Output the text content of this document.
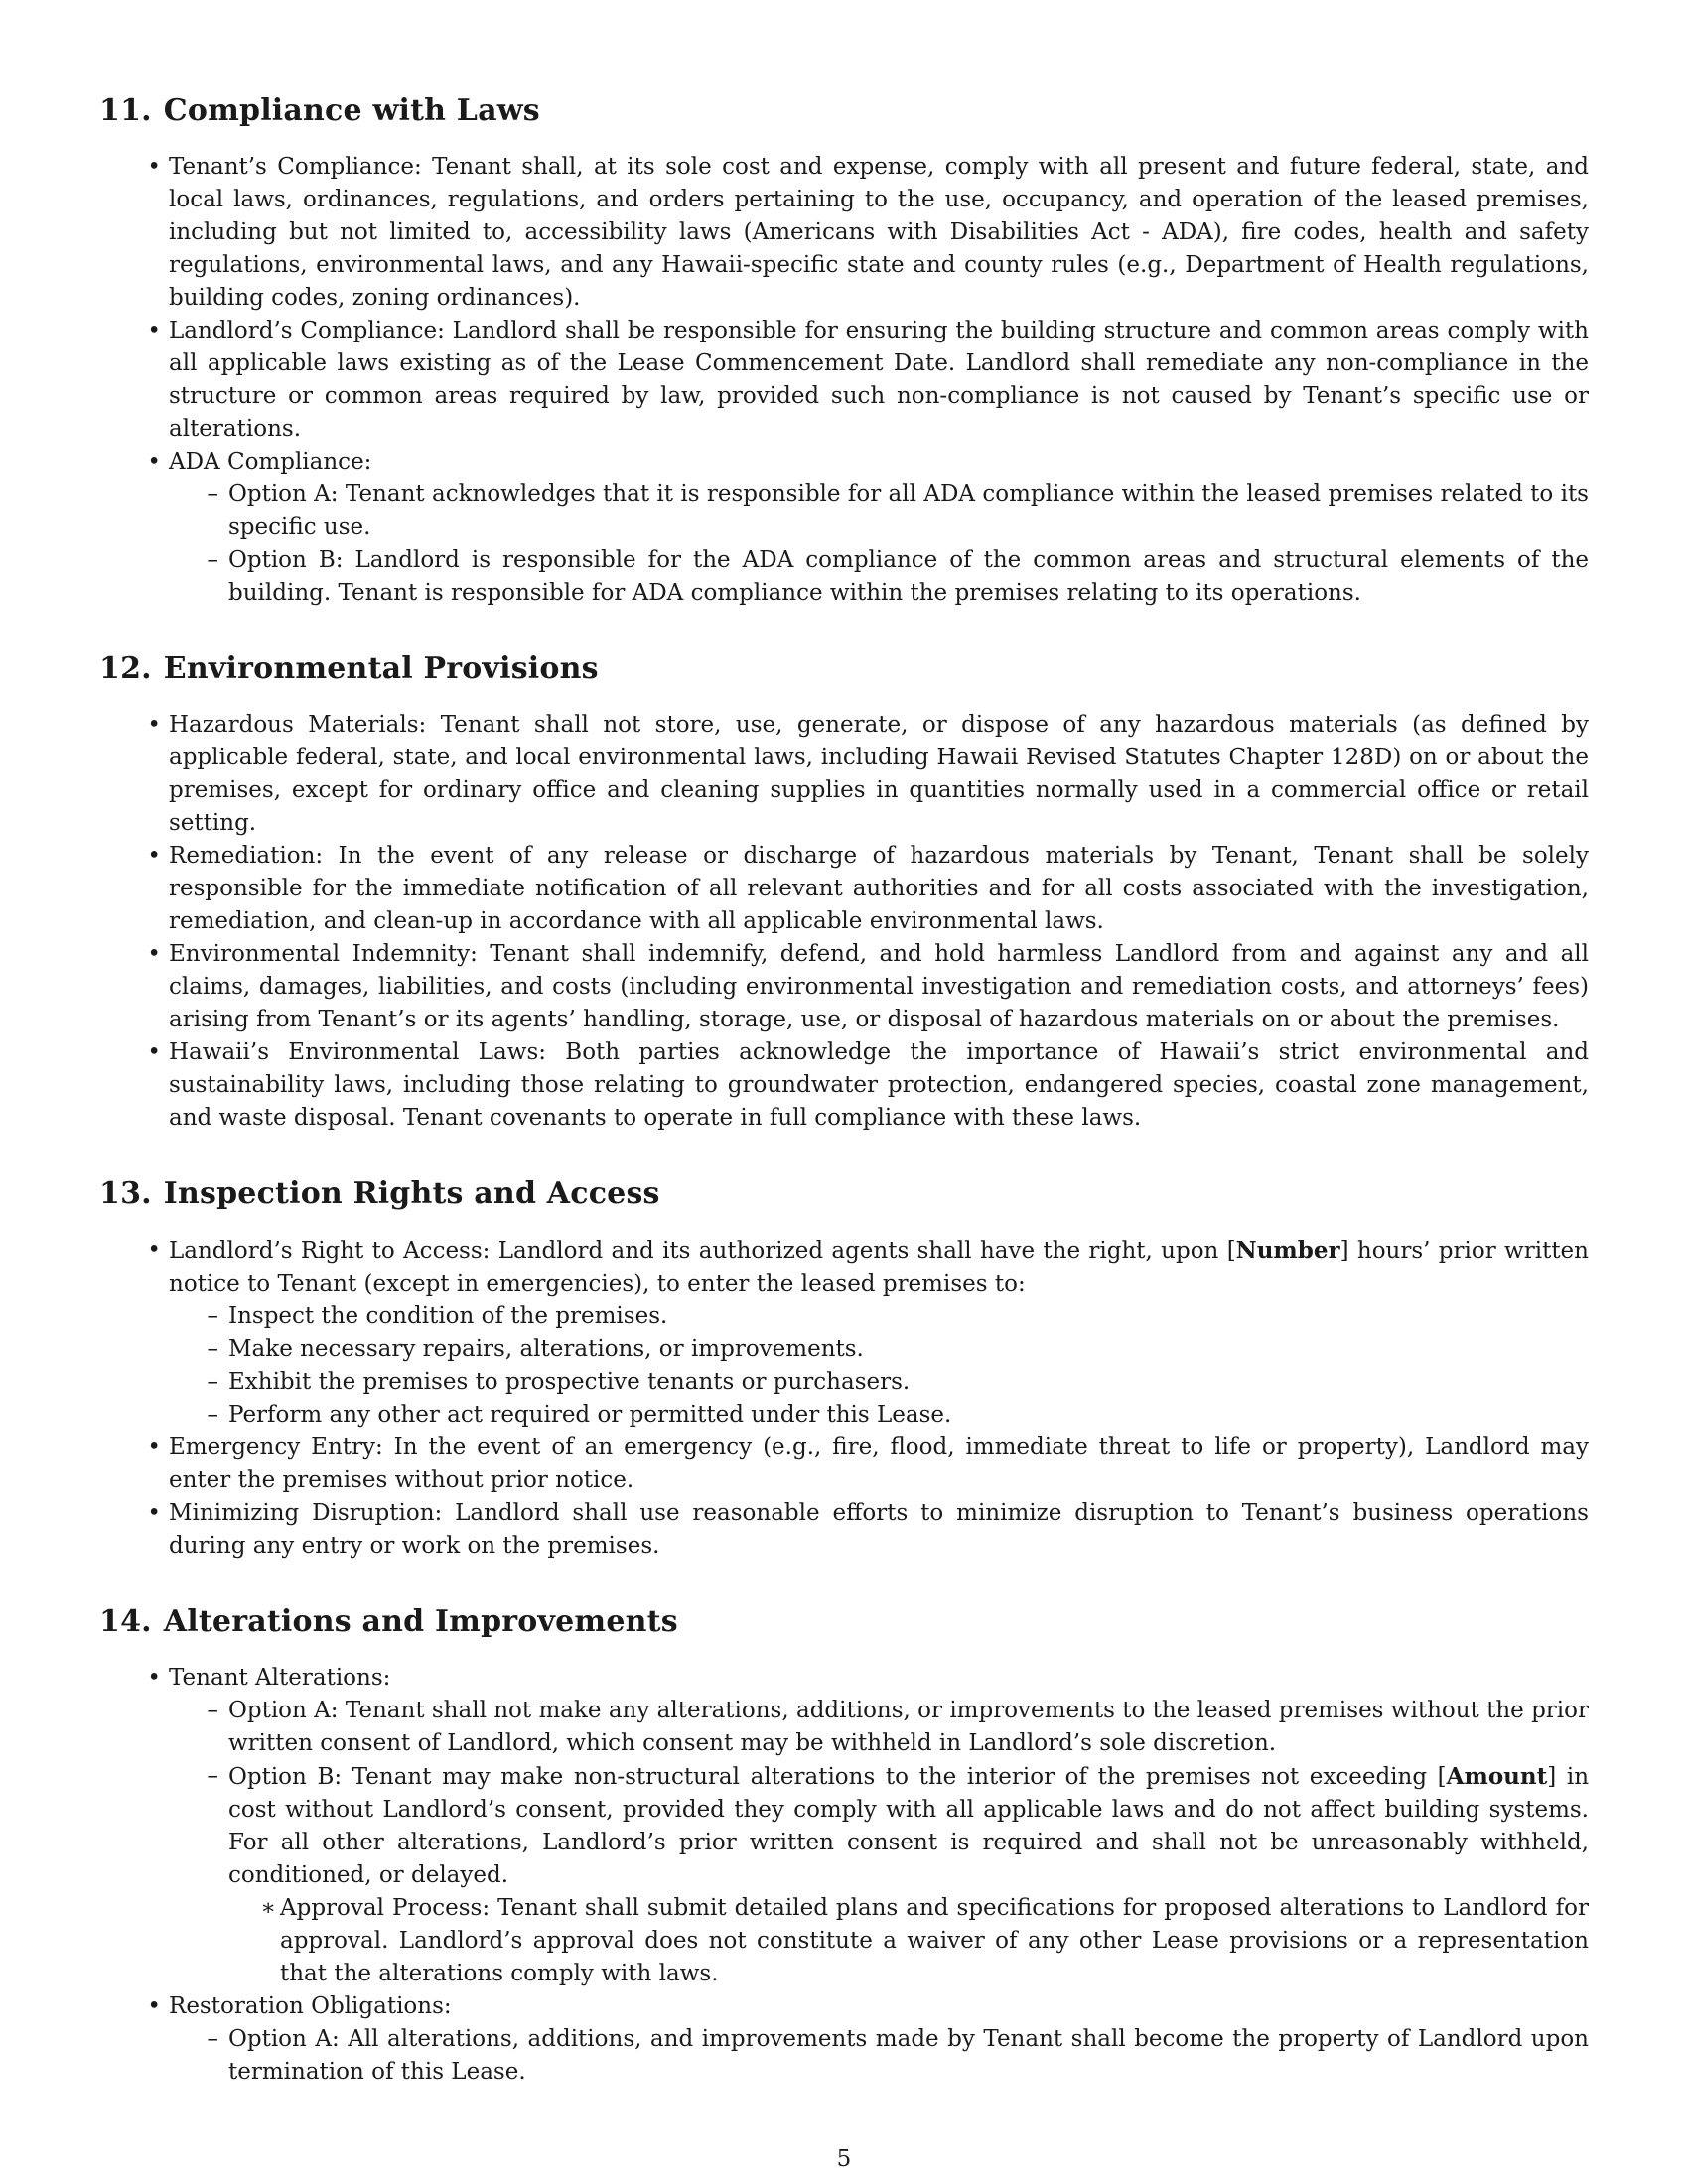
11. Compliance with Laws
• Tenant’s Compliance: Tenant shall, at its sole cost and expense, comply with all present and future federal, state, and local laws, ordinances, regulations, and orders pertaining to the use, occupancy, and operation of the leased premises, including but not limited to, accessibility laws (Americans with Disabilities Act - ADA), fire codes, health and safety regulations, environmental laws, and any Hawaii-specific state and county rules (e.g., Department of Health regulations, building codes, zoning ordinances).
• Landlord’s Compliance: Landlord shall be responsible for ensuring the building structure and common areas comply with all applicable laws existing as of the Lease Commencement Date. Landlord shall remediate any non-compliance in the structure or common areas required by law, provided such non-compliance is not caused by Tenant’s specific use or alterations.
• ADA Compliance:
– Option A: Tenant acknowledges that it is responsible for all ADA compliance within the leased premises related to its specific use.
– Option B: Landlord is responsible for the ADA compliance of the common areas and structural elements of the building. Tenant is responsible for ADA compliance within the premises relating to its operations.
12. Environmental Provisions
• Hazardous Materials: Tenant shall not store, use, generate, or dispose of any hazardous materials (as defined by applicable federal, state, and local environmental laws, including Hawaii Revised Statutes Chapter 128D) on or about the premises, except for ordinary office and cleaning supplies in quantities normally used in a commercial office or retail setting.
• Remediation: In the event of any release or discharge of hazardous materials by Tenant, Tenant shall be solely responsible for the immediate notification of all relevant authorities and for all costs associated with the investigation, remediation, and clean-up in accordance with all applicable environmental laws.
• Environmental Indemnity: Tenant shall indemnify, defend, and hold harmless Landlord from and against any and all claims, damages, liabilities, and costs (including environmental investigation and remediation costs, and attorneys’ fees) arising from Tenant’s or its agents’ handling, storage, use, or disposal of hazardous materials on or about the premises.
• Hawaii’s Environmental Laws: Both parties acknowledge the importance of Hawaii’s strict environmental and sustainability laws, including those relating to groundwater protection, endangered species, coastal zone management, and waste disposal. Tenant covenants to operate in full compliance with these laws.
13. Inspection Rights and Access
• Landlord’s Right to Access: Landlord and its authorized agents shall have the right, upon [Number] hours’ prior written notice to Tenant (except in emergencies), to enter the leased premises to:
– Inspect the condition of the premises.
– Make necessary repairs, alterations, or improvements.
– Exhibit the premises to prospective tenants or purchasers.
– Perform any other act required or permitted under this Lease.
• Emergency Entry: In the event of an emergency (e.g., fire, flood, immediate threat to life or property), Landlord may enter the premises without prior notice.
• Minimizing Disruption: Landlord shall use reasonable efforts to minimize disruption to Tenant’s business operations during any entry or work on the premises.
14. Alterations and Improvements
• Tenant Alterations:
– Option A: Tenant shall not make any alterations, additions, or improvements to the leased premises without the prior written consent of Landlord, which consent may be withheld in Landlord’s sole discretion.
– Option B: Tenant may make non-structural alterations to the interior of the premises not exceeding [Amount] in cost without Landlord’s consent, provided they comply with all applicable laws and do not affect building systems. For all other alterations, Landlord’s prior written consent is required and shall not be unreasonably withheld, conditioned, or delayed.
∗ Approval Process: Tenant shall submit detailed plans and specifications for proposed alterations to Landlord for approval. Landlord’s approval does not constitute a waiver of any other Lease provisions or a representation that the alterations comply with laws.
• Restoration Obligations:
– Option A: All alterations, additions, and improvements made by Tenant shall become the property of Landlord upon termination of this Lease.
5
